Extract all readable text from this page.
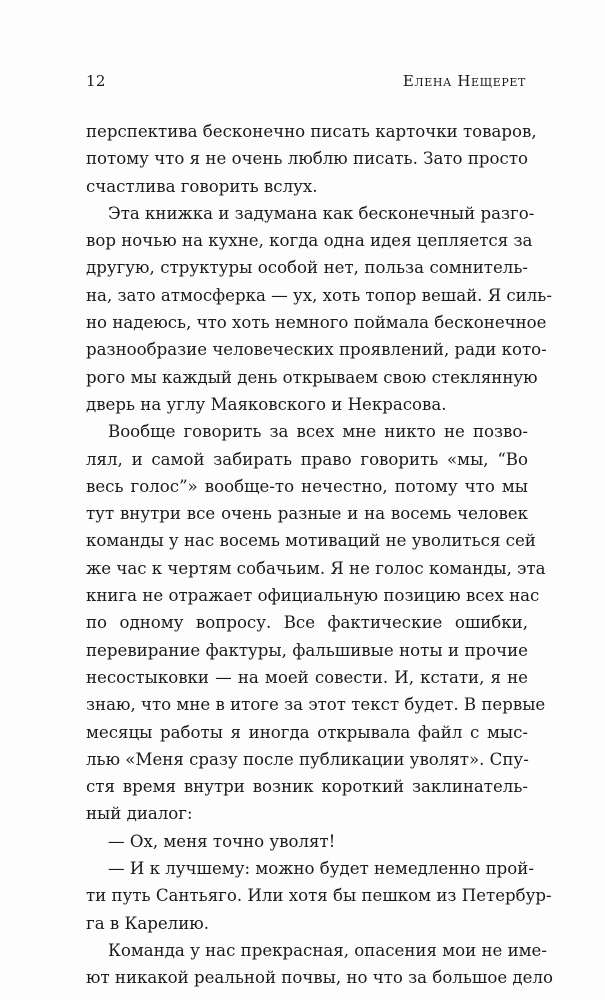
12	Елена Нещерет
перспектива бесконечно писать карточки товаров,
потому что я не очень люблю писать. Зато просто
счастлива говорить вслух.
Эта книжка и задумана как бесконечный разго-
вор ночью на кухне, когда одна идея цепляется за
другую, структуры особой нет, польза сомнитель-
на, зато атмосферка — ух, хоть топор вешай. Я силь-
но надеюсь, что хоть немного поймала бесконечное
разнообразие человеческих проявлений, ради кото-
рого мы каждый день открываем свою стеклянную
дверь на углу Маяковского и Некрасова.
Вообще говорить за всех мне никто не позво-
лял, и самой забирать право говорить «мы, “Во
весь голос”» вообще-то нечестно, потому что мы
тут внутри все очень разные и на восемь человек
команды у нас восемь мотиваций не уволиться сей
же час к чертям собачьим. Я не голос команды, эта
книга не отражает официальную позицию всех нас
по одному вопросу. Все фактические ошибки,
перевирание фактуры, фальшивые ноты и прочие
несостыковки — на моей совести. И, кстати, я не
знаю, что мне в итоге за этот текст будет. В первые
месяцы работы я иногда открывала файл с мыс-
лью «Меня сразу после публикации уволят». Спу-
стя время внутри возник короткий заклинатель-
ный диалог:
— Ох, меня точно уволят!
— И к лучшему: можно будет немедленно прой-
ти путь Сантьяго. Или хотя бы пешком из Петербур-
га в Карелию.
Команда у нас прекрасная, опасения мои не име-
ют никакой реальной почвы, но что за большое дело
